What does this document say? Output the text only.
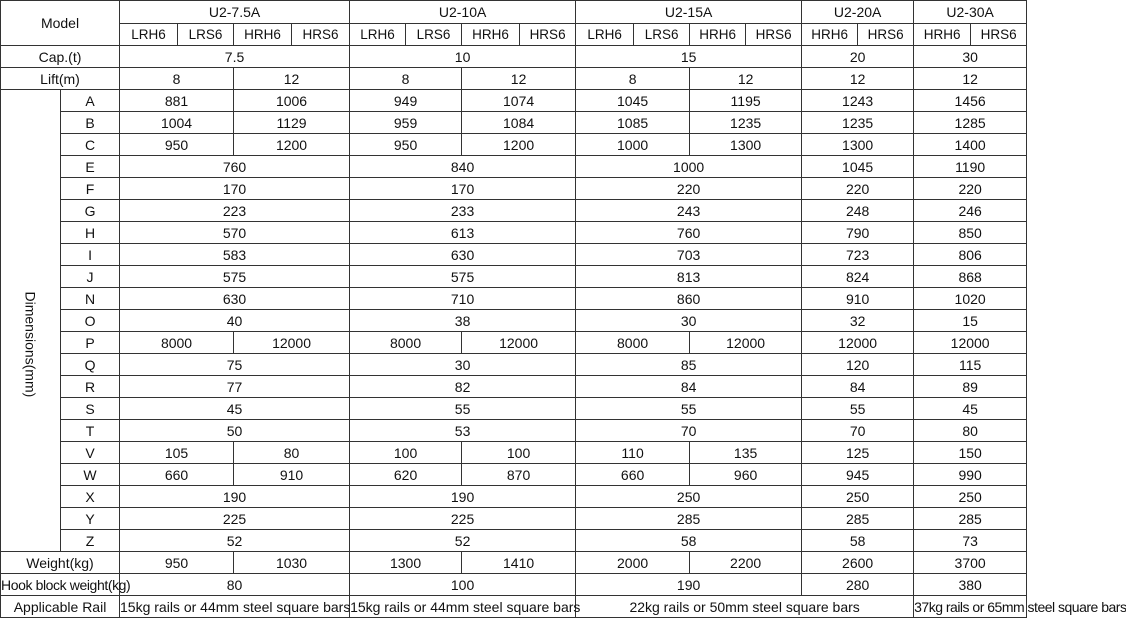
Model		U2-7.5A				U2-10A				U2-15A				U2-20A		U2-30A	
		LRH6	LRS6	HRH6	HRS6	LRH6	LRS6	HRH6	HRS6	LRH6	LRS6	HRH6	HRS6	HRH6	HRS6	HRH6	HRS6
Cap.(t)		7.5				10				15				20		30	
Lift(m)		8		12		8		12		8		12		12		12	

Dimensions(mm)	A	881		1006		949		1074		1045		1195		1243		1456	
	B	1004		1129		959		1084		1085		1235		1235		1285	
	C	950		1200		950		1200		1000		1300		1300		1400	
	E	760				840				1000				1045		1190	
	F	170				170				220				220		220	
	G	223				233				243				248		246	
	H	570				613				760				790		850	
	I	583				630				703				723		806	
	J	575				575				813				824		868	
	N	630				710				860				910		1020	
	O	40				38				30				32		15	
	P	8000		12000		8000		12000		8000		12000		12000		12000	
	Q	75				30				85				120		115	
	R	77				82				84				84		89	
	S	45				55				55				55		45	
	T	50				53				70				70		80	
	V	105		80		100		100		110		135		125		150	
	W	660		910		620		870		660		960		945		990	
	X	190				190				250				250		250	
	Y	225				225				285				285		285	
	Z	52				52				58				58		73	
Weight(kg)		950		1030		1300		1410		2000		2200		2600		3700	
Hook block weight(kg)		80				100				190				280		380	
Applicable Rail		15kg rails or 44mm steel square bars				15kg rails or 44mm steel square bars				22kg rails or 50mm steel square bars						37kg rails or 65mm steel square bars	
